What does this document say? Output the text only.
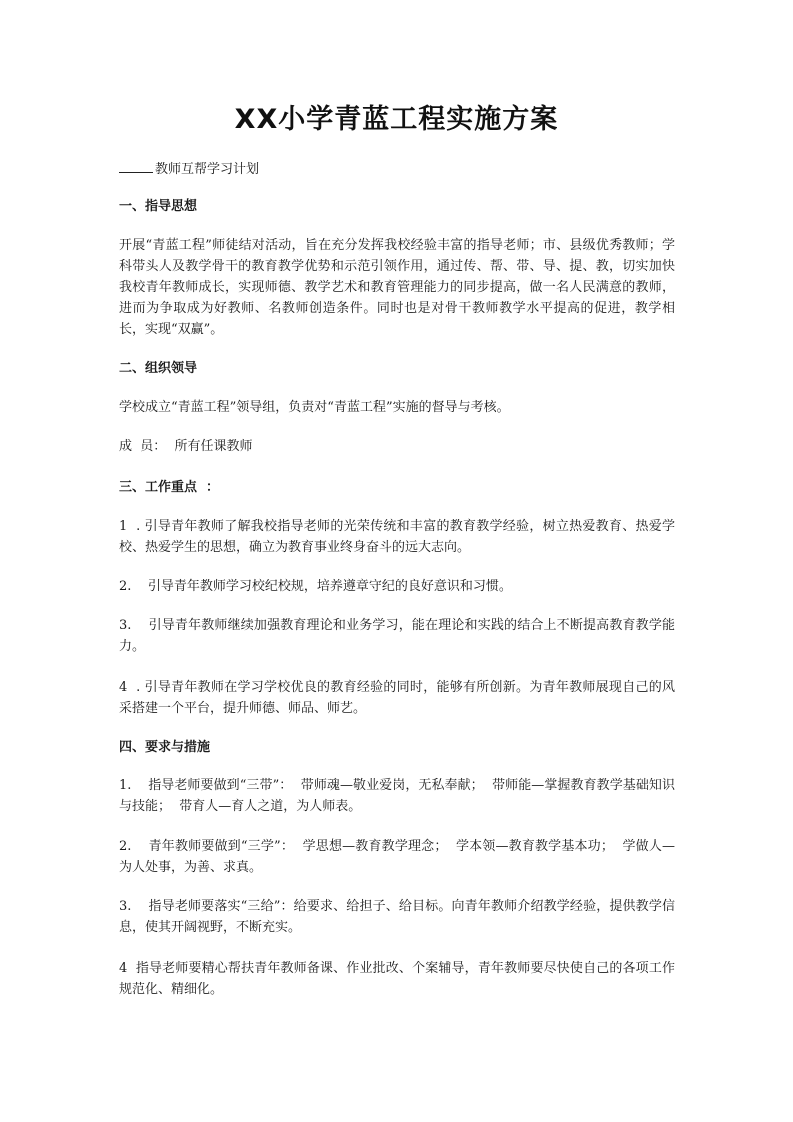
XX小学青蓝工程实施方案
教师互帮学习计划
一、指导思想

开展“青蓝工程”师徒结对活动，旨在充分发挥我校经验丰富的指导老师；市、县级优秀教师；学科带头人及教学骨干的教育教学优势和示范引领作用，通过传、帮、带、导、提、教，切实加快我校青年教师成长，实现师德、教学艺术和教育管理能力的同步提高，做一名人民满意的教师，进而为争取成为好教师、名教师创造条件。同时也是对骨干教师教学水平提高的促进，教学相长，实现“双赢”。

二、组织领导

学校成立“青蓝工程”领导组，负责对“青蓝工程”实施的督导与考核。

成  员：  所有任课教师

三、工作重点  ：

1  . 引导青年教师了解我校指导老师的光荣传统和丰富的教育教学经验，树立热爱教育、热爱学校、热爱学生的思想，确立为教育事业终身奋斗的远大志向。

2.    引导青年教师学习校纪校规，培养遵章守纪的良好意识和习惯。

3.    引导青年教师继续加强教育理论和业务学习，能在理论和实践的结合上不断提高教育教学能力。

4  . 引导青年教师在学习学校优良的教育经验的同时，能够有所创新。为青年教师展现自己的风采搭建一个平台，提升师德、师品、师艺。

四、要求与措施

1.    指导老师要做到“三带”：  带师魂—敬业爱岗，无私奉献；  带师能—掌握教育教学基础知识与技能；  带育人—育人之道，为人师表。

2.    青年教师要做到“三学”：  学思想—教育教学理念；  学本领—教育教学基本功；  学做人—为人处事，为善、求真。

3.    指导老师要落实“三给”：给要求、给担子、给目标。向青年教师介绍教学经验，提供教学信息，使其开阔视野，不断充实。

4  指导老师要精心帮扶青年教师备课、作业批改、个案辅导，青年教师要尽快使自己的各项工作规范化、精细化。
